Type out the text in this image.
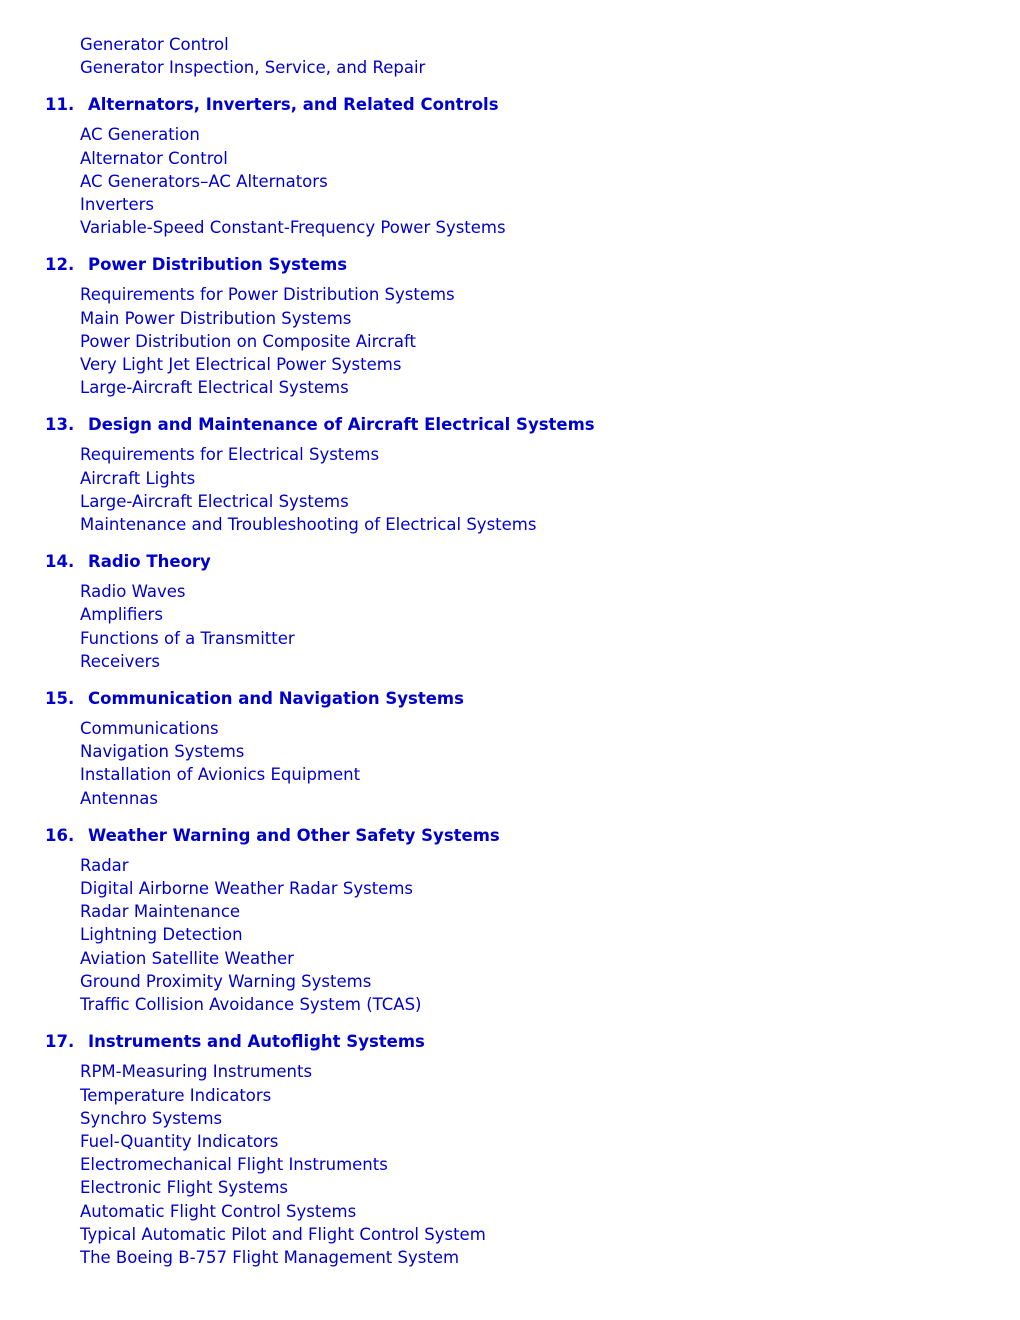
Generator Control
Generator Inspection, Service, and Repair
11. Alternators, Inverters, and Related Controls
AC Generation
Alternator Control
AC Generators–AC Alternators
Inverters
Variable-Speed Constant-Frequency Power Systems
12. Power Distribution Systems
Requirements for Power Distribution Systems
Main Power Distribution Systems
Power Distribution on Composite Aircraft
Very Light Jet Electrical Power Systems
Large-Aircraft Electrical Systems
13. Design and Maintenance of Aircraft Electrical Systems
Requirements for Electrical Systems
Aircraft Lights
Large-Aircraft Electrical Systems
Maintenance and Troubleshooting of Electrical Systems
14. Radio Theory
Radio Waves
Amplifiers
Functions of a Transmitter
Receivers
15. Communication and Navigation Systems
Communications
Navigation Systems
Installation of Avionics Equipment
Antennas
16. Weather Warning and Other Safety Systems
Radar
Digital Airborne Weather Radar Systems
Radar Maintenance
Lightning Detection
Aviation Satellite Weather
Ground Proximity Warning Systems
Traffic Collision Avoidance System (TCAS)
17. Instruments and Autoflight Systems
RPM-Measuring Instruments
Temperature Indicators
Synchro Systems
Fuel-Quantity Indicators
Electromechanical Flight Instruments
Electronic Flight Systems
Automatic Flight Control Systems
Typical Automatic Pilot and Flight Control System
The Boeing B-757 Flight Management System
